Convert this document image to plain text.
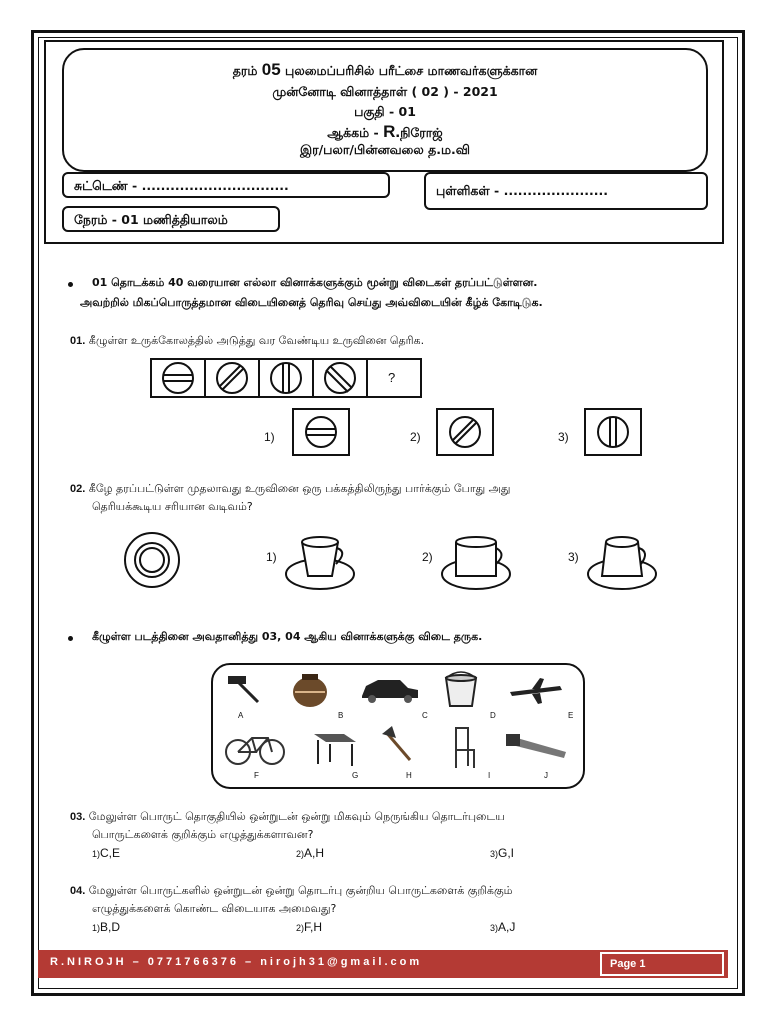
தரம் 05 புலமைப்பரிசில் பரீட்சை மாணவர்களுக்கான
முன்னோடி வினாத்தாள் ( 02 ) - 2021
பகுதி - 01
ஆக்கம் - R.நிரோஜ்
இர/பலா/பின்னவலை த.ம.வி
சுட்டெண் - ...............................	புள்ளிகள் - ......................
நேரம் - 01 மணித்தியாலம்
01 தொடக்கம் 40 வரையான எல்லா வினாக்களுக்கும் மூன்று விடைகள் தரப்பட்டுள்ளன.
அவற்றில் மிகப்பொருத்தமான விடையினைத் தெரிவு செய்து அவ்விடையின் கீழ்க் கோடிடுக.
01. கீழுள்ள உருக்கோலத்தில் அடுத்து வர வேண்டிய உருவினை தெரிக.
?
1)	2)	3)
02. கீழே தரப்பட்டுள்ள முதலாவது உருவினை ஒரு பக்கத்திலிருந்து பார்க்கும் போது அது
தெரியக்கூடிய சரியான வடிவம்?
1)	2)	3)
கீழுள்ள படத்தினை அவதானித்து 03, 04 ஆகிய வினாக்களுக்கு விடை தருக.
A	B	C	D	E
F	G	H	I	J
03. மேலுள்ள பொருட் தொகுதியில் ஒன்றுடன் ஒன்று மிகவும் நெருங்கிய தொடர்புடைய
பொருட்களைக் குறிக்கும் எழுத்துக்களாவன?
1)C,E	2)A,H	3)G,I
04. மேலுள்ள பொருட்களில் ஒன்றுடன் ஒன்று தொடர்பு குன்றிய பொருட்களைக் குறிக்கும்
எழுத்துக்களைக் கொண்ட விடையாக அமைவது?
1)B,D	2)F,H	3)A,J
R.NIROJH – 0771766376 – nirojh31@gmail.com	Page 1
